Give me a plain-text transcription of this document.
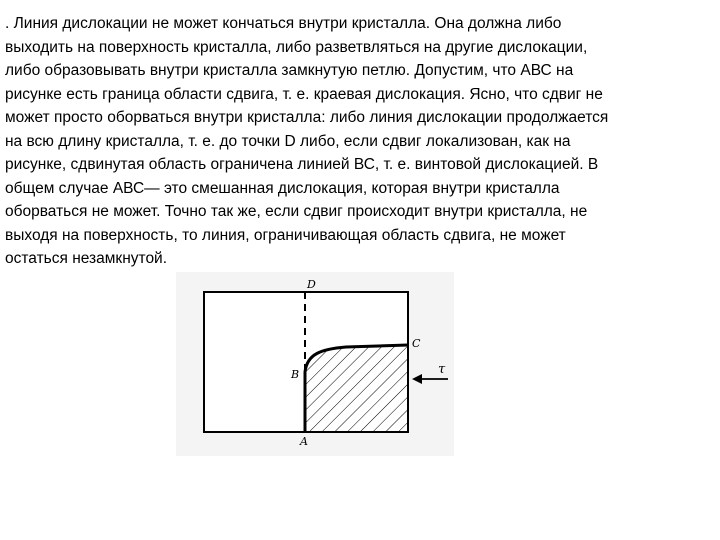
. Линия дислокации не может кончаться внутри кристалла. Она должна либо
выходить на поверхность кристалла, либо разветвляться на другие дислокации,
либо образовывать внутри кристалла замкнутую петлю. Допустим, что АВС на
рисунке есть граница области сдвига, т. е. краевая дислокация. Ясно, что сдвиг не
может просто оборваться внутри кристалла: либо линия дислокации продолжается
на всю длину кристалла, т. е. до точки D либо, если сдвиг локализован, как на
рисунке, сдвинутая область ограничена линией ВС, т. е. винтовой дислокацией. В
общем случае АВС— это смешанная дислокация, которая внутри кристалла
оборваться не может. Точно так же, если сдвиг происходит внутри кристалла, не
выходя на поверхность, то линия, ограничивающая область сдвига, не может
остаться незамкнутой.
D
B
C
A
τ
